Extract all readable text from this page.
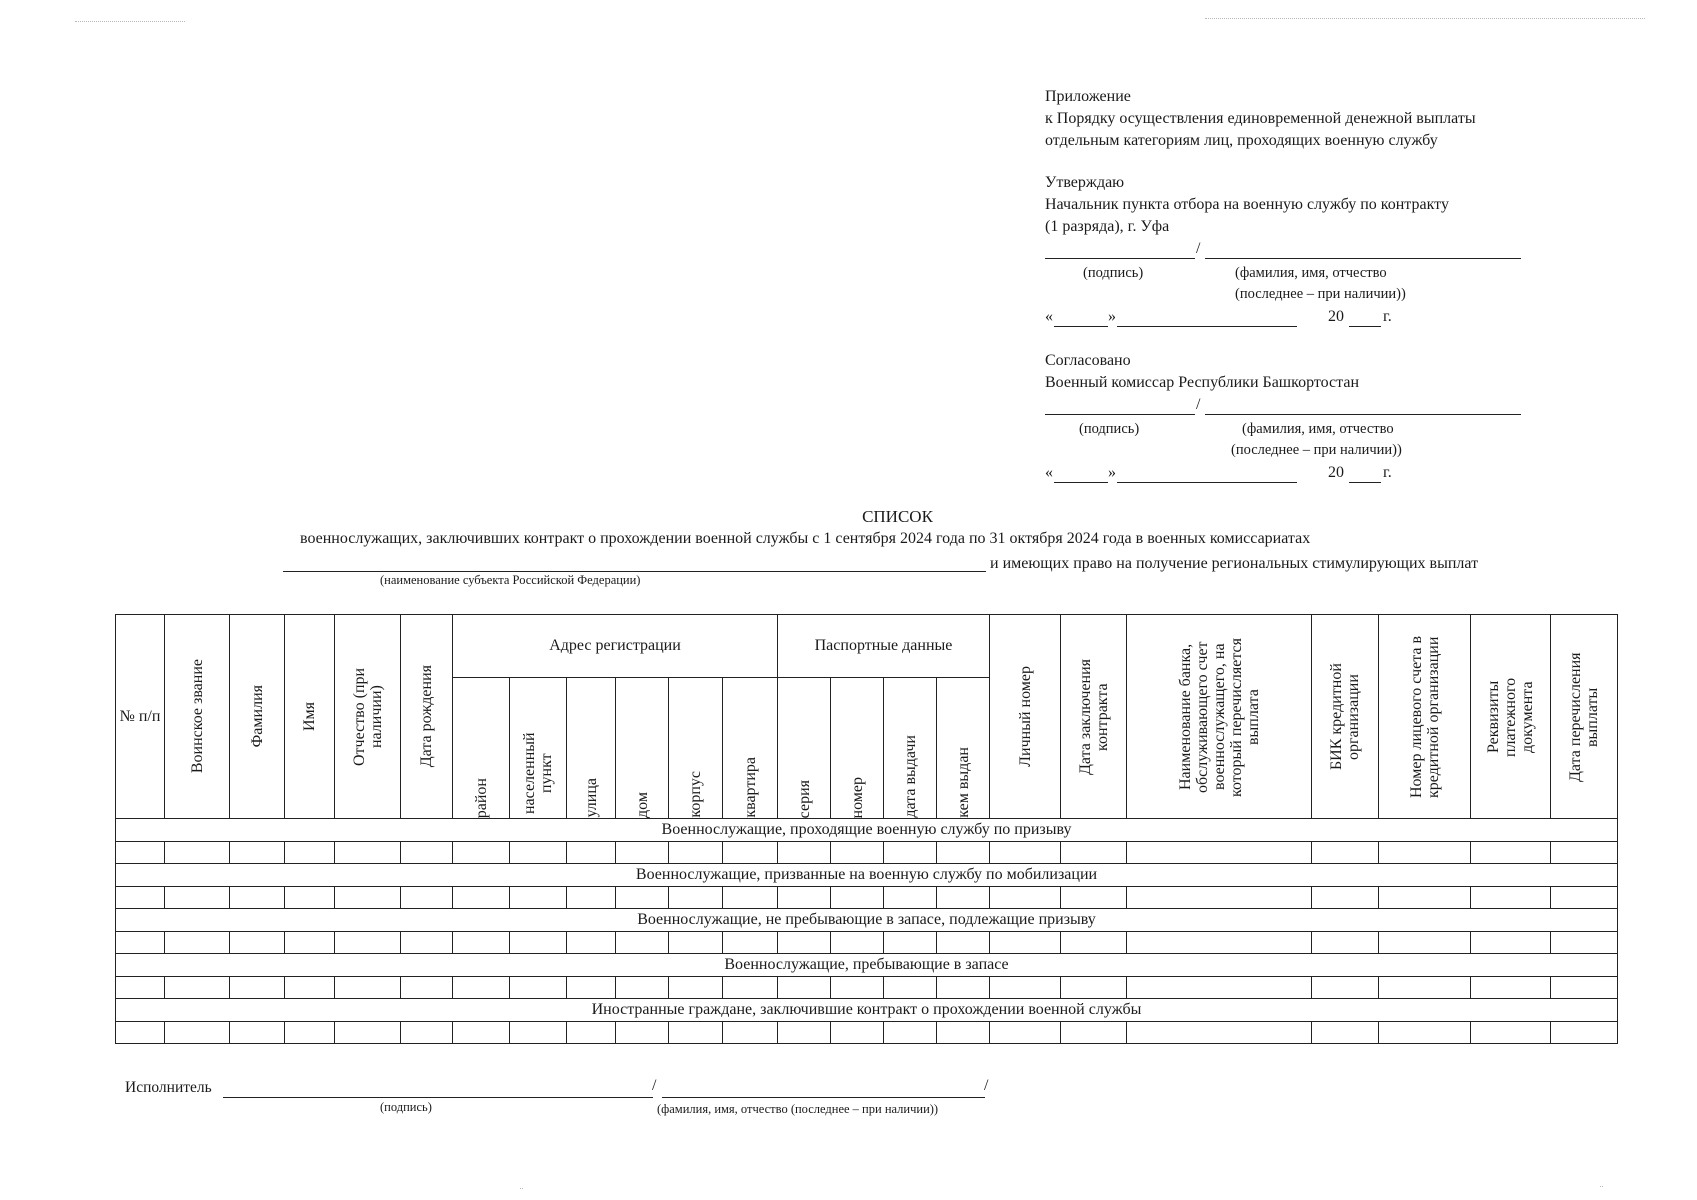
Приложение
к Порядку осуществления единовременной денежной выплаты
отдельным категориям лиц, проходящих военную службу
Утверждаю
Начальник пункта отбора на военную службу по контракту
(1 разряда), г. Уфа
/
(подпись)	(фамилия, имя, отчество
(последнее – при наличии))
«	»	20 г.
Согласовано
Военный комиссар Республики Башкортостан
/
(подпись)	(фамилия, имя, отчество
(последнее – при наличии))
«	»	20 г.
СПИСОК
военнослужащих, заключивших контракт о прохождении военной службы с 1 сентября 2024 года по 31 октября 2024 года в военных комиссариатах
и имеющих право на получение региональных стимулирующих выплат
(наименование субъекта Российской Федерации)
№ п/п	Воинское звание	Фамилия	Имя	Отчество (при наличии)	Дата рождения	Адрес регистрации						Паспортные данные				Личный номер	Дата заключения контракта	Наименование банка, обслуживающего счет военнослужащего, на который перечисляется выплата	БИК кредитной организации	Номер лицевого счета в кредитной организации	Реквизиты платежного документа	Дата перечисления выплаты

						район	населенный пункт	улица	дом	корпус	квартира	серия	номер	дата выдачи	кем выдан							

Военнослужащие, проходящие военную службу по призыву																						

Военнослужащие, призванные на военную службу по мобилизации																						

Военнослужащие, не пребывающие в запасе, подлежащие призыву																						

Военнослужащие, пребывающие в запасе																						

Иностранные граждане, заключившие контракт о прохождении военной службы																						

Исполнитель	/	/
(подпись)	(фамилия, имя, отчество (последнее – при наличии))
